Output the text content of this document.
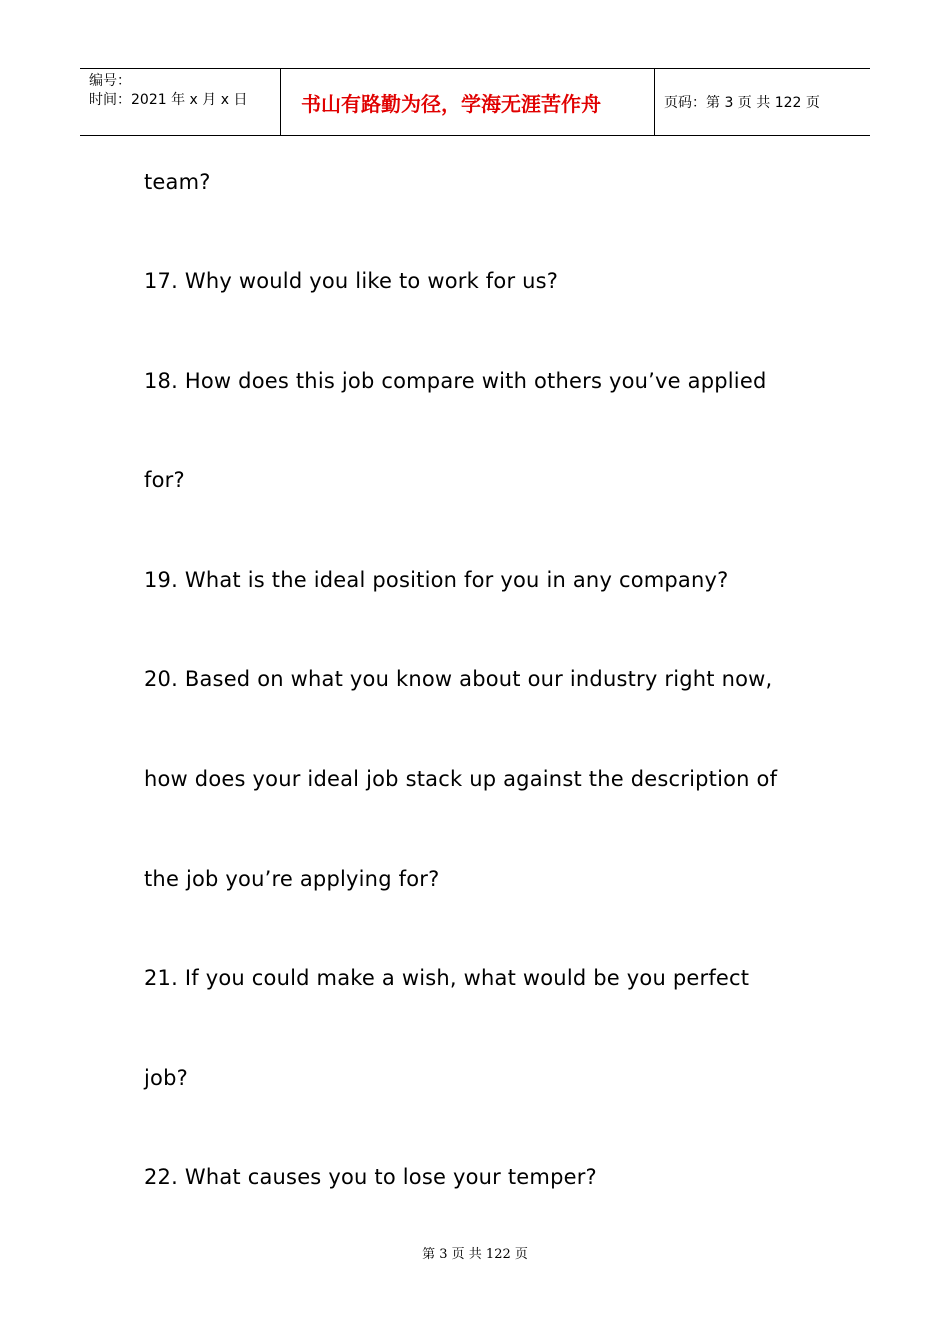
编号：
时间：2021 年 x 月 x 日	书山有路勤为径，学海无涯苦作舟	页码：第 3 页 共 122 页
team?
17. Why would you like to work for us?
18. How does this job compare with others you’ve applied
for?
19. What is the ideal position for you in any company?
20. Based on what you know about our industry right now,
how does your ideal job stack up against the description of
the job you’re applying for?
21. If you could make a wish, what would be you perfect
job?
22. What causes you to lose your temper?
第 3 页 共 122 页
